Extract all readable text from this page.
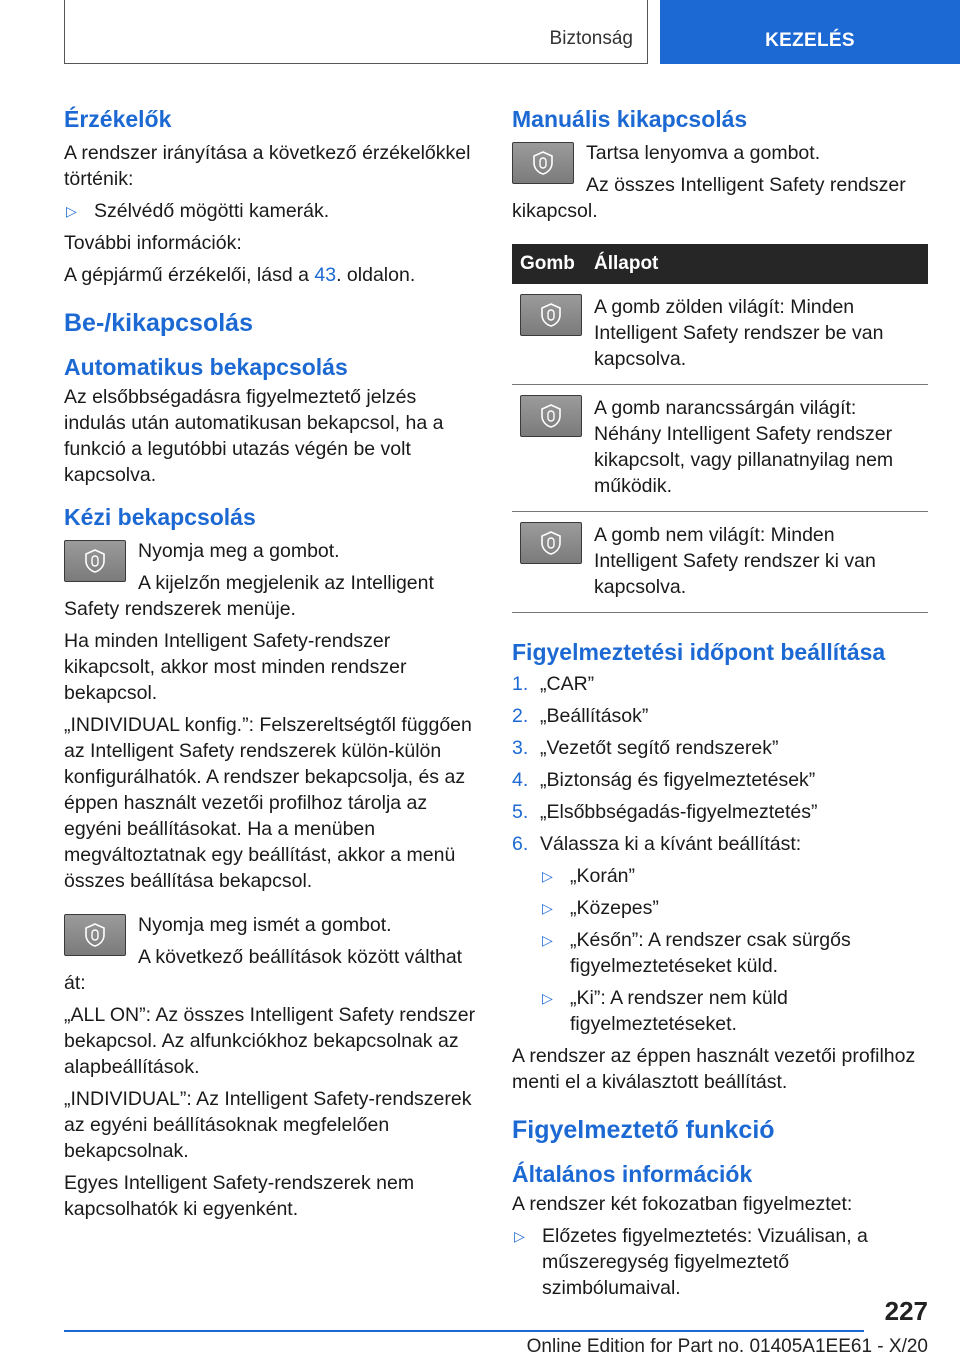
Biztonság	KEZELÉS
Érzékelők

A rendszer irányítása a következő érzékelőkkel történik:

▷ Szélvédő mögötti kamerák.

További információk:

A gépjármű érzékelői, lásd a 43. oldalon.

Be-/kikapcsolás
Automatikus bekapcsolás

Az elsőbbségadásra figyelmeztető jelzés indulás után automatikusan bekapcsol, ha a funkció a legutóbbi utazás végén be volt kapcsolva.

Kézi bekapcsolás

Nyomja meg a gombot.

A kijelzőn megjelenik az Intelligent Safety rendszerek menüje.

Ha minden Intelligent Safety-rendszer kikapcsolt, akkor most minden rendszer bekapcsol.

„INDIVIDUAL konfig.”: Felszereltségtől függően az Intelligent Safety rendszerek külön-külön konfigurálhatók. A rendszer bekapcsolja, és az éppen használt vezetői profilhoz tárolja az egyéni beállításokat. Ha a menüben megváltoztatnak egy beállítást, akkor a menü összes beállítása bekapcsol.

Nyomja meg ismét a gombot.

A következő beállítások között válthat át:

„ALL ON”: Az összes Intelligent Safety rendszer bekapcsol. Az alfunkciókhoz bekapcsolnak az alapbeállítások.

„INDIVIDUAL”: Az Intelligent Safety-rendszerek az egyéni beállításoknak megfelelően bekapcsolnak.

Egyes Intelligent Safety-rendszerek nem kapcsolhatók ki egyenként.

Manuális kikapcsolás

Tartsa lenyomva a gombot.

Az összes Intelligent Safety rendszer kikapcsol.

Gomb	Állapot

	A gomb zölden világít: Minden Intelligent Safety rendszer be van kapcsolva.

	A gomb narancssárgán világít: Néhány Intelligent Safety rendszer kikapcsolt, vagy pillanatnyilag nem működik.

	A gomb nem világít: Minden Intelligent Safety rendszer ki van kapcsolva.
Figyelmeztetési időpont beállítása
1. „CAR”
2. „Beállítások”
3. „Vezetőt segítő rendszerek”
4. „Biztonság és figyelmeztetések”
5. „Elsőbbségadás-figyelmeztetés”
6. Válassza ki a kívánt beállítást:
▷ „Korán”
▷ „Közepes”
▷ „Későn”: A rendszer csak sürgős figyelmeztetéseket küld.
▷ „Ki”: A rendszer nem küld figyelmeztetéseket.

A rendszer az éppen használt vezetői profilhoz menti el a kiválasztott beállítást.

Figyelmeztető funkció
Általános információk

A rendszer két fokozatban figyelmeztet:

▷ Előzetes figyelmeztetés: Vizuálisan, a műszeregység figyelmeztető szimbólumaival.
227
Online Edition for Part no. 01405A1EE61 - X/20
